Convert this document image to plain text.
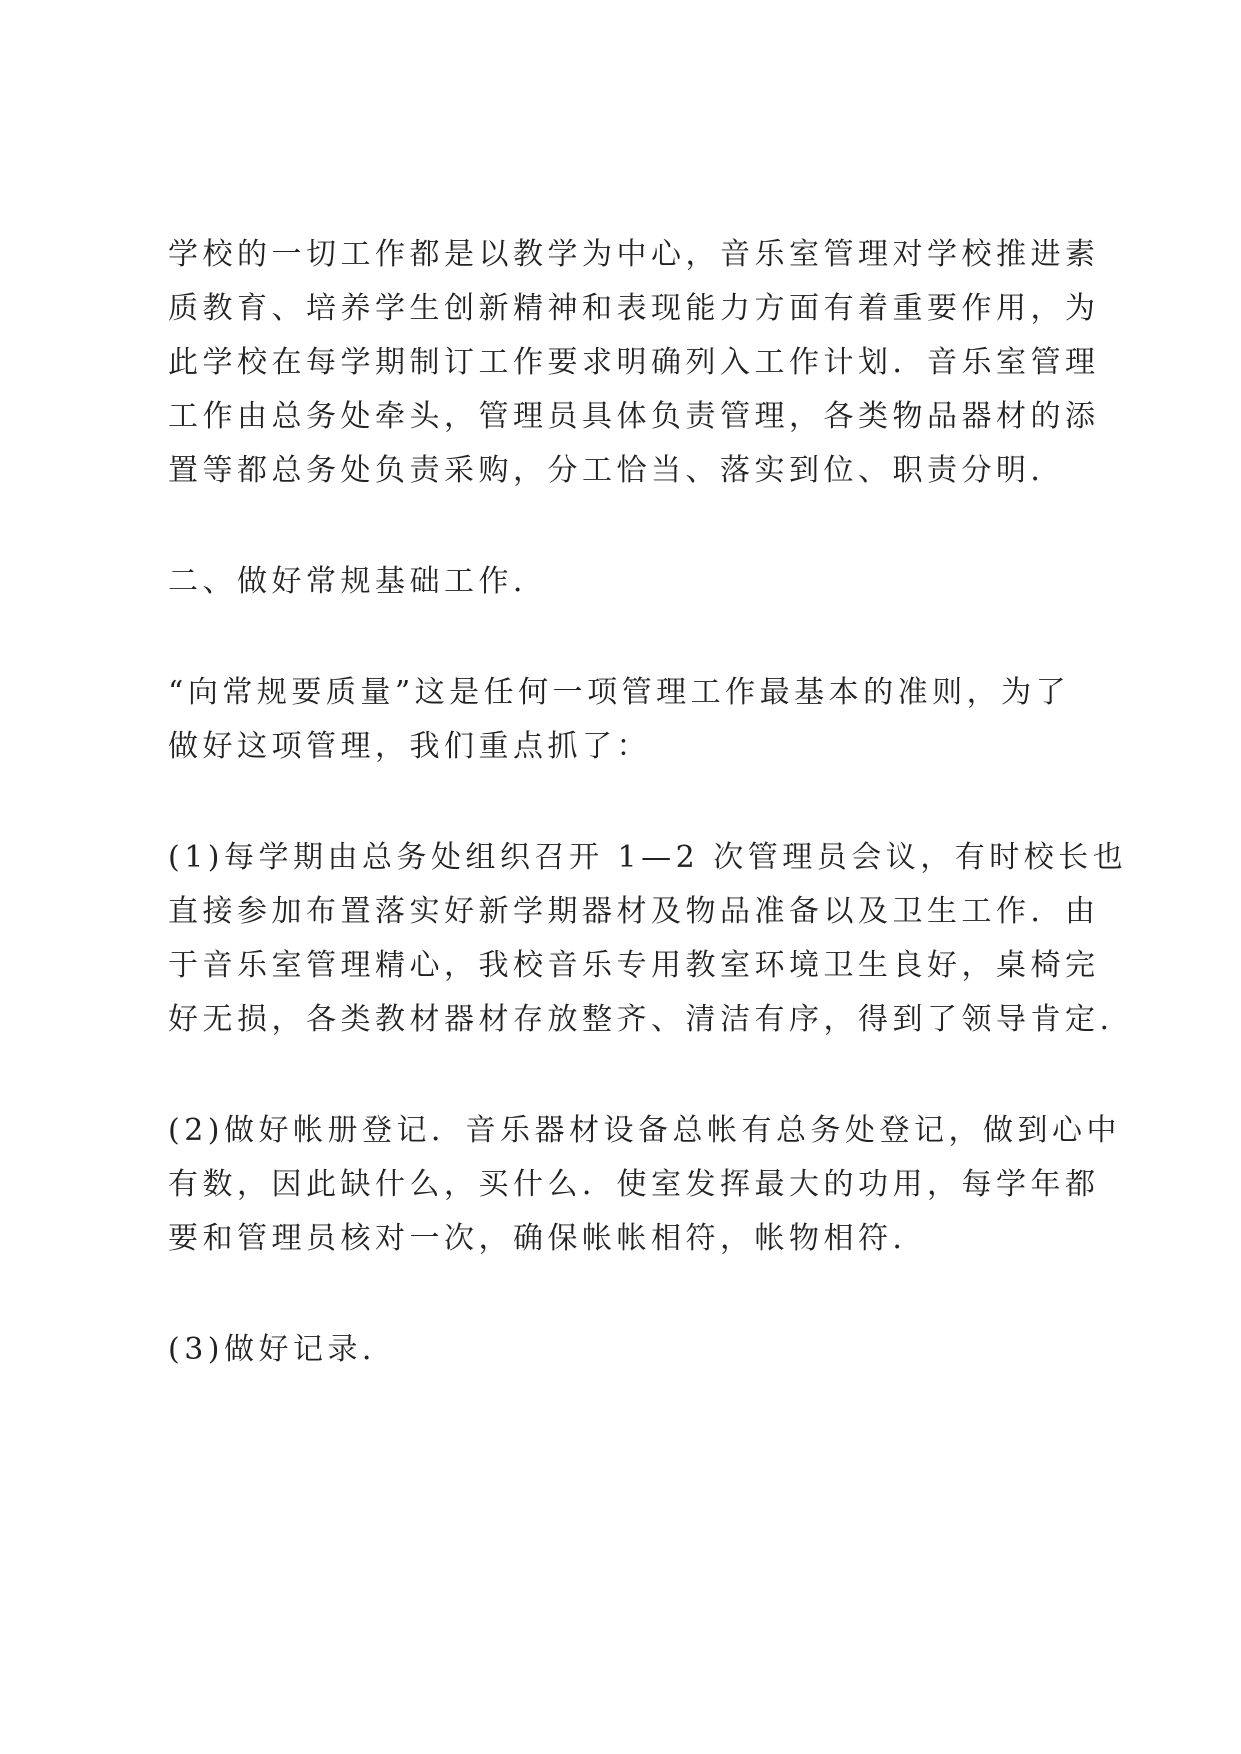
学校的一切工作都是以教学为中心，音乐室管理对学校推进素
质教育、培养学生创新精神和表现能力方面有着重要作用，为
此学校在每学期制订工作要求明确列入工作计划．音乐室管理
工作由总务处牵头，管理员具体负责管理，各类物品器材的添
置等都总务处负责采购，分工恰当、落实到位、职责分明．

二、做好常规基础工作．

“向常规要质量”这是任何一项管理工作最基本的准则，为了
做好这项管理，我们重点抓了：

(1)每学期由总务处组织召开 1—2 次管理员会议，有时校长也
直接参加布置落实好新学期器材及物品准备以及卫生工作．由
于音乐室管理精心，我校音乐专用教室环境卫生良好，桌椅完
好无损，各类教材器材存放整齐、清洁有序，得到了领导肯定.

(2)做好帐册登记．音乐器材设备总帐有总务处登记，做到心中
有数，因此缺什么，买什么．使室发挥最大的功用，每学年都
要和管理员核对一次，确保帐帐相符，帐物相符．

(3)做好记录．
